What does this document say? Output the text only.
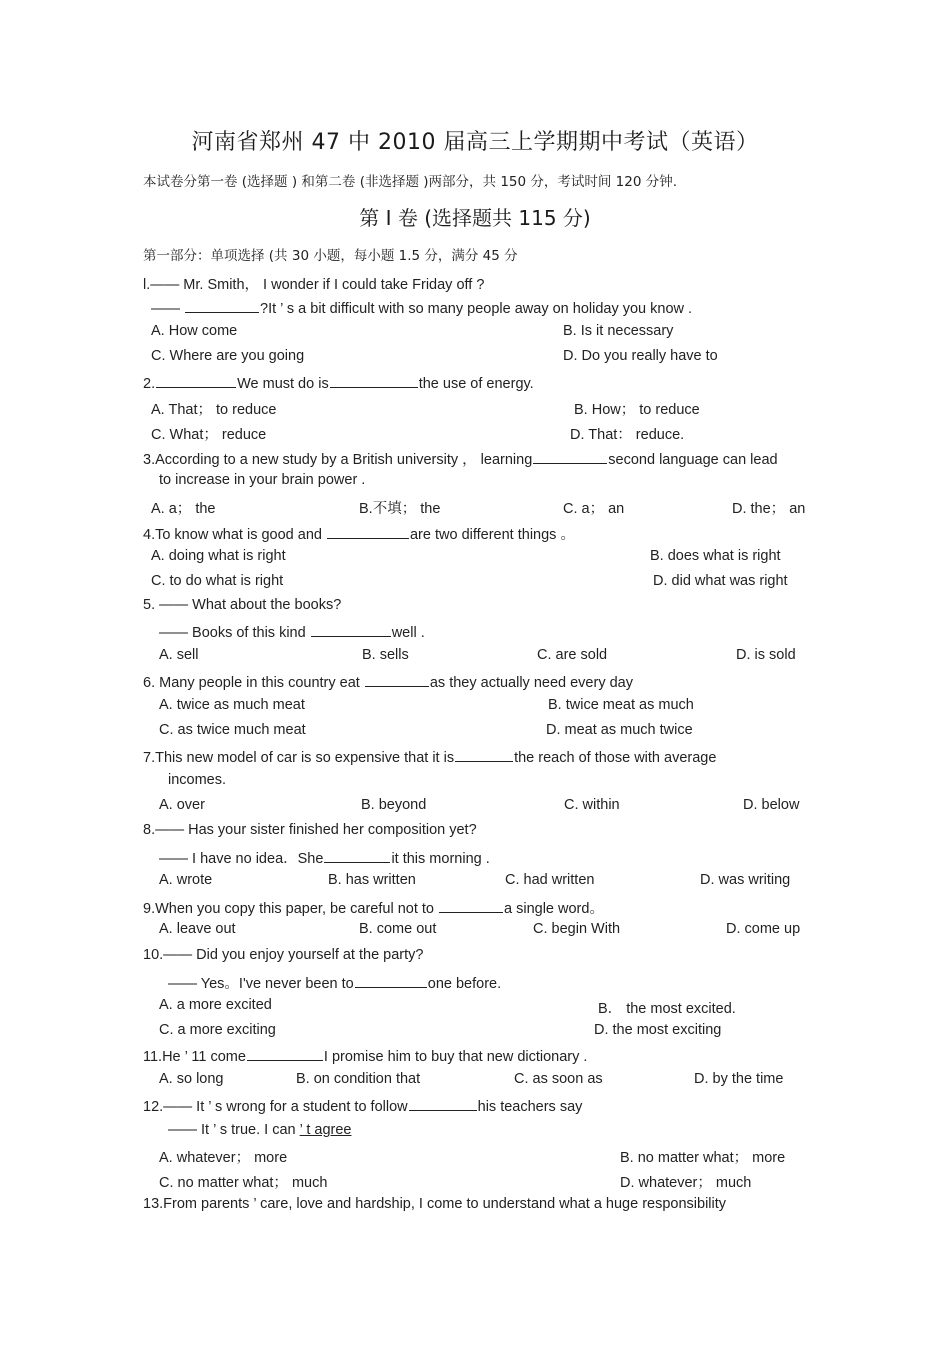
河南省郑州 47 中 2010 届高三上学期期中考试（英语）
本试卷分第一卷 (选择题 ) 和第二卷 (非选择题 )两部分，共 150 分，考试时间 120 分钟.
第 I 卷 (选择题共 115 分)
第一部分：单项选择 (共 30 小题，每小题 1.5 分，满分 45 分
l.—— Mr. Smith， I wonder if I could take Friday off ?
——	?It ’ s a bit difficult with so many people away on holiday you know .
A. How come	B. Is it necessary
C. Where are you going	D. Do you really have to
2.	We must do is	the use of energy.
A. That； to reduce	B. How； to reduce
C. What； reduce	D. That： reduce.
3.According to a new study by a British university ， learning	second language can lead
to increase in your brain power .
A. a； the	B.不填； the	C. a； an	D. the； an
4.To know what is good and	are two different things 。
A. doing what is right	B. does what is right
C. to do what is right	D. did what was right
5. —— What about the books?
—— Books of this kind	well .
A. sell	B. sells	C. are sold	D. is sold
6. Many people in this country eat	as they actually need every day
A. twice as much meat	B. twice meat as much
C. as twice much meat	D. meat as much twice
7.This new model of car is so expensive that it is	the reach of those with average
incomes.
A. over	B. beyond	C. within	D. below
8.—— Has your sister finished her composition yet?
—— I have no idea．She	it this morning .
A. wrote	B. has written	C. had written	D. was writing
9.When you copy this paper, be careful not to	a single word。
A. leave out	B. come out	C. begin With	D. come up
10.—— Did you enjoy yourself at the party?
—— Yes。I've never been to	one before.
A. a more excited	B． the most excited.
C. a more exciting	D. the most exciting
11.He ’ 11 come	I promise him to buy that new dictionary .
A. so long	B. on condition that	C. as soon as	D. by the time
12.—— It ’ s wrong for a student to follow	his teachers say
—— It ’ s true. I can ’ t agree
A. whatever； more	B. no matter what； more
C. no matter what； much	D. whatever； much
13.From parents ’ care, love and hardship, I come to understand what a huge responsibility
